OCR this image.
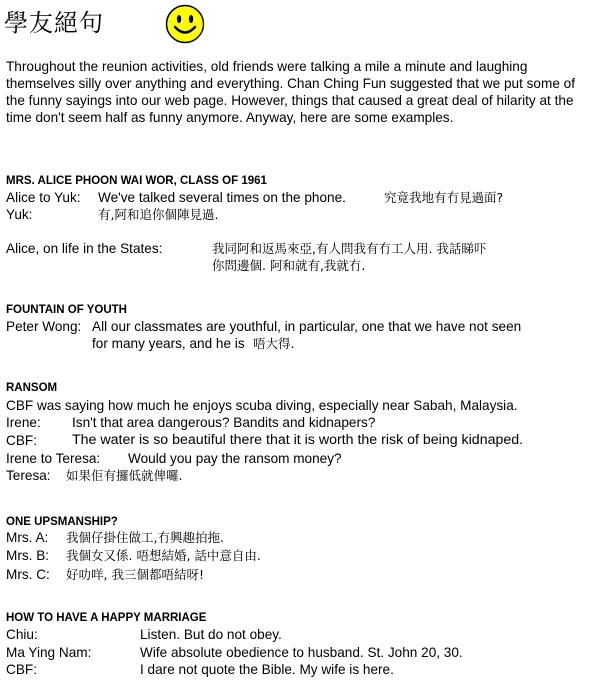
學友絕句

Throughout the reunion activities, old friends were talking a mile a minute and laughing themselves silly over anything and everything. Chan Ching Fun suggested that we put some of the funny sayings into our web page. However, things that caused a great deal of hilarity at the time don't seem half as funny anymore. Anyway, here are some examples.

MRS. ALICE PHOON WAI WOR, CLASS OF 1961
Alice to Yuk: We've talked several times on the phone.	究竟我地有冇見過面?
Yuk:	有,阿和追你個陣見過.
Alice, on life in the States:	我同阿和返馬來亞,有人問我有冇工人用. 我話睇吓
你問邊個. 阿和就有,我就冇.
FOUNTAIN OF YOUTH
Peter Wong: All our classmates are youthful, in particular, one that we have not seen
for many years, and he is 唔大得.
RANSOM
CBF was saying how much he enjoys scuba diving, especially near Sabah, Malaysia.
Irene: Isn't that area dangerous? Bandits and kidnapers?
CBF: The water is so beautiful there that it is worth the risk of being kidnaped.
Irene to Teresa: Would you pay the ransom money?
Teresa: 如果佢有攞低就俾囉.
ONE UPSMANSHIP?
Mrs. A: 我個仔掛住做工,冇興趣拍拖.
Mrs. B: 我個女又係. 唔想結婚, 話中意自由.
Mrs. C: 好叻咩, 我三個都唔結呀!
HOW TO HAVE A HAPPY MARRIAGE
Chiu:	Listen. But do not obey.
Ma Ying Nam:	Wife absolute obedience to husband. St. John 20, 30.
CBF:	I dare not quote the Bible. My wife is here.
